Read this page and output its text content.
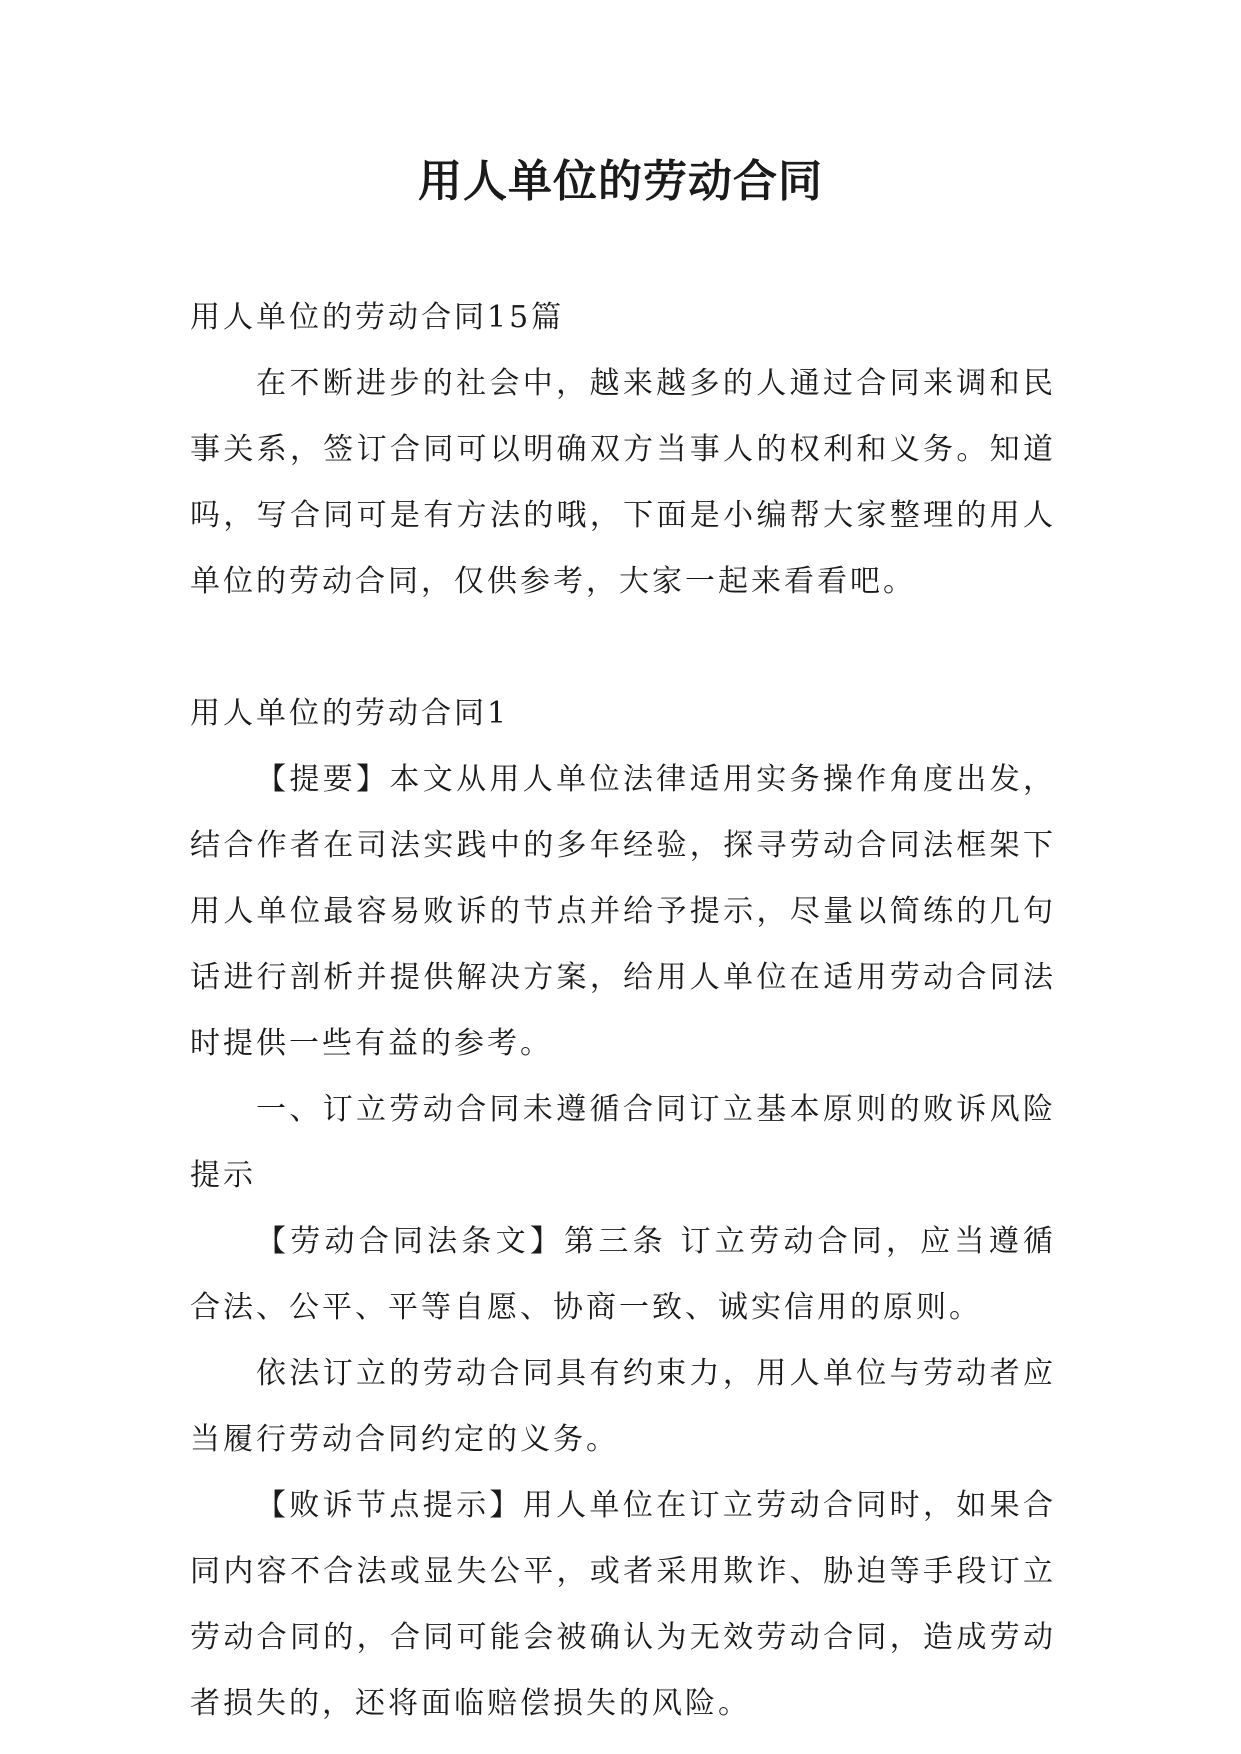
用人单位的劳动合同

用人单位的劳动合同15篇

在不断进步的社会中，越来越多的人通过合同来调和民事关系，签订合同可以明确双方当事人的权利和义务。知道吗，写合同可是有方法的哦，下面是小编帮大家整理的用人单位的劳动合同，仅供参考，大家一起来看看吧。

用人单位的劳动合同1

【提要】本文从用人单位法律适用实务操作角度出发，结合作者在司法实践中的多年经验，探寻劳动合同法框架下用人单位最容易败诉的节点并给予提示，尽量以简练的几句话进行剖析并提供解决方案，给用人单位在适用劳动合同法时提供一些有益的参考。

一、订立劳动合同未遵循合同订立基本原则的败诉风险提示

【劳动合同法条文】第三条 订立劳动合同，应当遵循合法、公平、平等自愿、协商一致、诚实信用的原则。

依法订立的劳动合同具有约束力，用人单位与劳动者应当履行劳动合同约定的义务。

【败诉节点提示】用人单位在订立劳动合同时，如果合同内容不合法或显失公平，或者采用欺诈、胁迫等手段订立劳动合同的，合同可能会被确认为无效劳动合同，造成劳动者损失的，还将面临赔偿损失的风险。
